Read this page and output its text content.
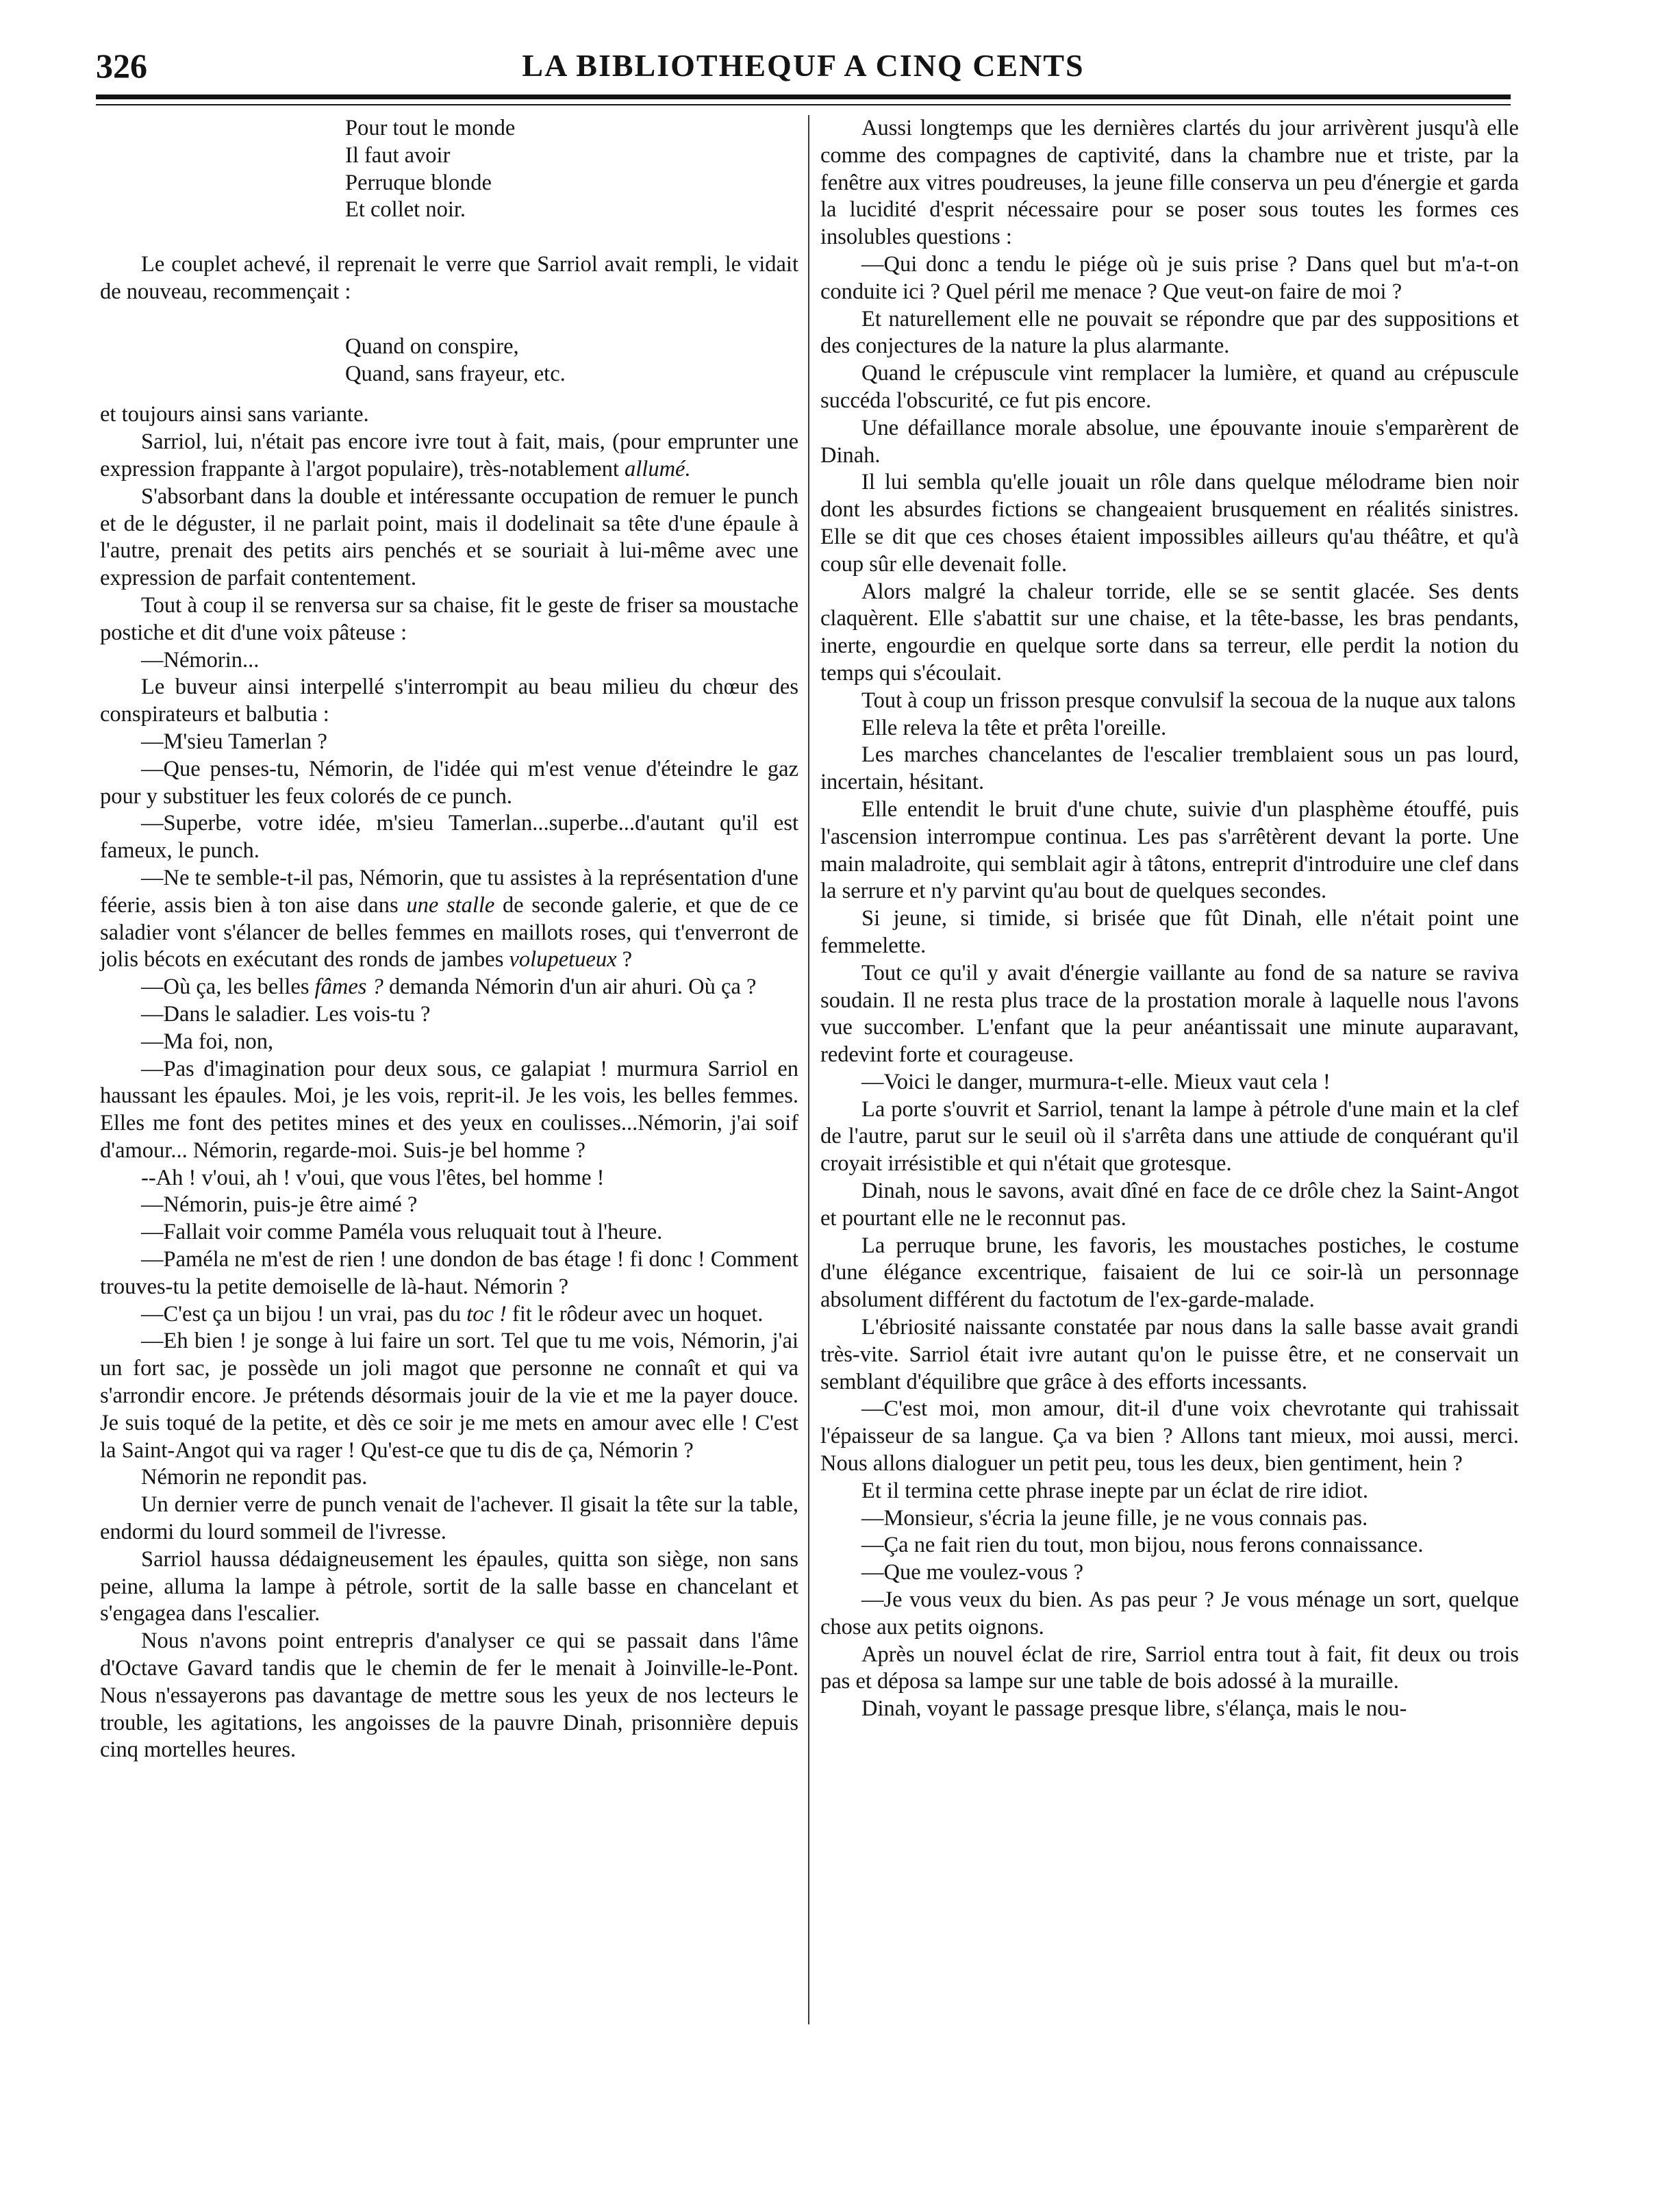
326	LA BIBLIOTHEQUF A CINQ CENTS
Pour tout le monde
Il faut avoir
Perruque blonde
Et collet noir.

Le couplet achevé, il reprenait le verre que Sarriol avait rempli, le vidait de nouveau, recommençait :

Quand on conspire,
Quand, sans frayeur, etc.

et toujours ainsi sans variante.

Sarriol, lui, n'était pas encore ivre tout à fait, mais, (pour emprunter une expression frappante à l'argot populaire), très-notablement allumé.

S'absorbant dans la double et intéressante occupation de remuer le punch et de le déguster, il ne parlait point, mais il dodelinait sa tête d'une épaule à l'autre, prenait des petits airs penchés et se souriait à lui-même avec une expression de parfait contentement.

Tout à coup il se renversa sur sa chaise, fit le geste de friser sa moustache postiche et dit d'une voix pâteuse :

—Némorin...

Le buveur ainsi interpellé s'interrompit au beau milieu du chœur des conspirateurs et balbutia :

—M'sieu Tamerlan ?

—Que penses-tu, Némorin, de l'idée qui m'est venue d'éteindre le gaz pour y substituer les feux colorés de ce punch.

—Superbe, votre idée, m'sieu Tamerlan...superbe...d'autant qu'il est fameux, le punch.

—Ne te semble-t-il pas, Némorin, que tu assistes à la représentation d'une féerie, assis bien à ton aise dans une stalle de seconde galerie, et que de ce saladier vont s'élancer de belles femmes en maillots roses, qui t'enverront de jolis bécots en exécutant des ronds de jambes volupetueux ?

—Où ça, les belles fâmes ? demanda Némorin d'un air ahuri. Où ça ?

—Dans le saladier. Les vois-tu ?

—Ma foi, non,

—Pas d'imagination pour deux sous, ce galapiat ! murmura Sarriol en haussant les épaules. Moi, je les vois, reprit-il. Je les vois, les belles femmes. Elles me font des petites mines et des yeux en coulisses...Némorin, j'ai soif d'amour... Némorin, regarde-moi. Suis-je bel homme ?

--Ah ! v'oui, ah ! v'oui, que vous l'êtes, bel homme !

—Némorin, puis-je être aimé ?

—Fallait voir comme Paméla vous reluquait tout à l'heure.

—Paméla ne m'est de rien ! une dondon de bas étage ! fi donc ! Comment trouves-tu la petite demoiselle de là-haut. Némorin ?

—C'est ça un bijou ! un vrai, pas du toc ! fit le rôdeur avec un hoquet.

—Eh bien ! je songe à lui faire un sort. Tel que tu me vois, Némorin, j'ai un fort sac, je possède un joli magot que personne ne connaît et qui va s'arrondir encore. Je prétends désormais jouir de la vie et me la payer douce. Je suis toqué de la petite, et dès ce soir je me mets en amour avec elle ! C'est la Saint-Angot qui va rager ! Qu'est-ce que tu dis de ça, Némorin ?

Némorin ne repondit pas.

Un dernier verre de punch venait de l'achever. Il gisait la tête sur la table, endormi du lourd sommeil de l'ivresse.

Sarriol haussa dédaigneusement les épaules, quitta son siège, non sans peine, alluma la lampe à pétrole, sortit de la salle basse en chancelant et s'engagea dans l'escalier.

Nous n'avons point entrepris d'analyser ce qui se passait dans l'âme d'Octave Gavard tandis que le chemin de fer le menait à Joinville-le-Pont. Nous n'essayerons pas davantage de mettre sous les yeux de nos lecteurs le trouble, les agitations, les angoisses de la pauvre Dinah, prisonnière depuis cinq mortelles heures.

Aussi longtemps que les dernières clartés du jour arrivèrent jusqu'à elle comme des compagnes de captivité, dans la chambre nue et triste, par la fenêtre aux vitres poudreuses, la jeune fille conserva un peu d'énergie et garda la lucidité d'esprit nécessaire pour se poser sous toutes les formes ces insolubles questions :

—Qui donc a tendu le piége où je suis prise ? Dans quel but m'a-t-on conduite ici ? Quel péril me menace ? Que veut-on faire de moi ?

Et naturellement elle ne pouvait se répondre que par des suppositions et des conjectures de la nature la plus alarmante.

Quand le crépuscule vint remplacer la lumière, et quand au crépuscule succéda l'obscurité, ce fut pis encore.

Une défaillance morale absolue, une épouvante inouie s'emparèrent de Dinah.

Il lui sembla qu'elle jouait un rôle dans quelque mélodrame bien noir dont les absurdes fictions se changeaient brusquement en réalités sinistres. Elle se dit que ces choses étaient impossibles ailleurs qu'au théâtre, et qu'à coup sûr elle devenait folle.

Alors malgré la chaleur torride, elle se se sentit glacée. Ses dents claquèrent. Elle s'abattit sur une chaise, et la tête-basse, les bras pendants, inerte, engourdie en quelque sorte dans sa terreur, elle perdit la notion du temps qui s'écoulait.

Tout à coup un frisson presque convulsif la secoua de la nuque aux talons

Elle releva la tête et prêta l'oreille.

Les marches chancelantes de l'escalier tremblaient sous un pas lourd, incertain, hésitant.

Elle entendit le bruit d'une chute, suivie d'un plasphème étouffé, puis l'ascension interrompue continua. Les pas s'arrêtèrent devant la porte. Une main maladroite, qui semblait agir à tâtons, entreprit d'introduire une clef dans la serrure et n'y parvint qu'au bout de quelques secondes.

Si jeune, si timide, si brisée que fût Dinah, elle n'était point une femmelette.

Tout ce qu'il y avait d'énergie vaillante au fond de sa nature se raviva soudain. Il ne resta plus trace de la prostation morale à laquelle nous l'avons vue succomber. L'enfant que la peur anéantissait une minute auparavant, redevint forte et courageuse.

—Voici le danger, murmura-t-elle. Mieux vaut cela !

La porte s'ouvrit et Sarriol, tenant la lampe à pétrole d'une main et la clef de l'autre, parut sur le seuil où il s'arrêta dans une attiude de conquérant qu'il croyait irrésistible et qui n'était que grotesque.

Dinah, nous le savons, avait dîné en face de ce drôle chez la Saint-Angot et pourtant elle ne le reconnut pas.

La perruque brune, les favoris, les moustaches postiches, le costume d'une élégance excentrique, faisaient de lui ce soir-là un personnage absolument différent du factotum de l'ex-garde-malade.

L'ébriosité naissante constatée par nous dans la salle basse avait grandi très-vite. Sarriol était ivre autant qu'on le puisse être, et ne conservait un semblant d'équilibre que grâce à des efforts incessants.

—C'est moi, mon amour, dit-il d'une voix chevrotante qui trahissait l'épaisseur de sa langue. Ça va bien ? Allons tant mieux, moi aussi, merci. Nous allons dialoguer un petit peu, tous les deux, bien gentiment, hein ?

Et il termina cette phrase inepte par un éclat de rire idiot.

—Monsieur, s'écria la jeune fille, je ne vous connais pas.

—Ça ne fait rien du tout, mon bijou, nous ferons connaissance.

—Que me voulez-vous ?

—Je vous veux du bien. As pas peur ? Je vous ménage un sort, quelque chose aux petits oignons.

Après un nouvel éclat de rire, Sarriol entra tout à fait, fit deux ou trois pas et déposa sa lampe sur une table de bois adossé à la muraille.

Dinah, voyant le passage presque libre, s'élança, mais le nou-
